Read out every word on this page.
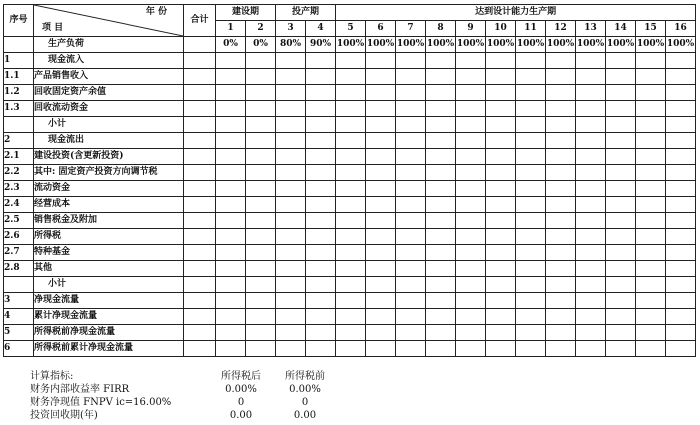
序号	年 份
项 目	合计	建设期		投产期		达到设计能力生产期											
			1	2	3	4	5	6	7	8	9	10	11	12	13	14	15	16
	生产负荷		0%	0%	80%	90%	100%	100%	100%	100%	100%	100%	100%	100%	100%	100%	100%	100%
1	现金流入																	
1.1	产品销售收入																	
1.2	回收固定资产余值																	
1.3	回收流动资金																	
	小计																	
2	现金流出																	
2.1	建设投资(含更新投资)																	
2.2	其中: 固定资产投资方向调节税																	
2.3	流动资金																	
2.4	经营成本																	
2.5	销售税金及附加																	
2.6	所得税																	
2.7	特种基金																	
2.8	其他																	
	小计																	
3	净现金流量																	
4	累计净现金流量																	
5	所得税前净现金流量																	
6	所得税前累计净现金流量																	
计算指标:	所得税后	所得税前
财务内部收益率 FIRR	0.00%	0.00%
财务净现值 FNPV ic=16.00%	0	0
投资回收期(年)	0.00	0.00
